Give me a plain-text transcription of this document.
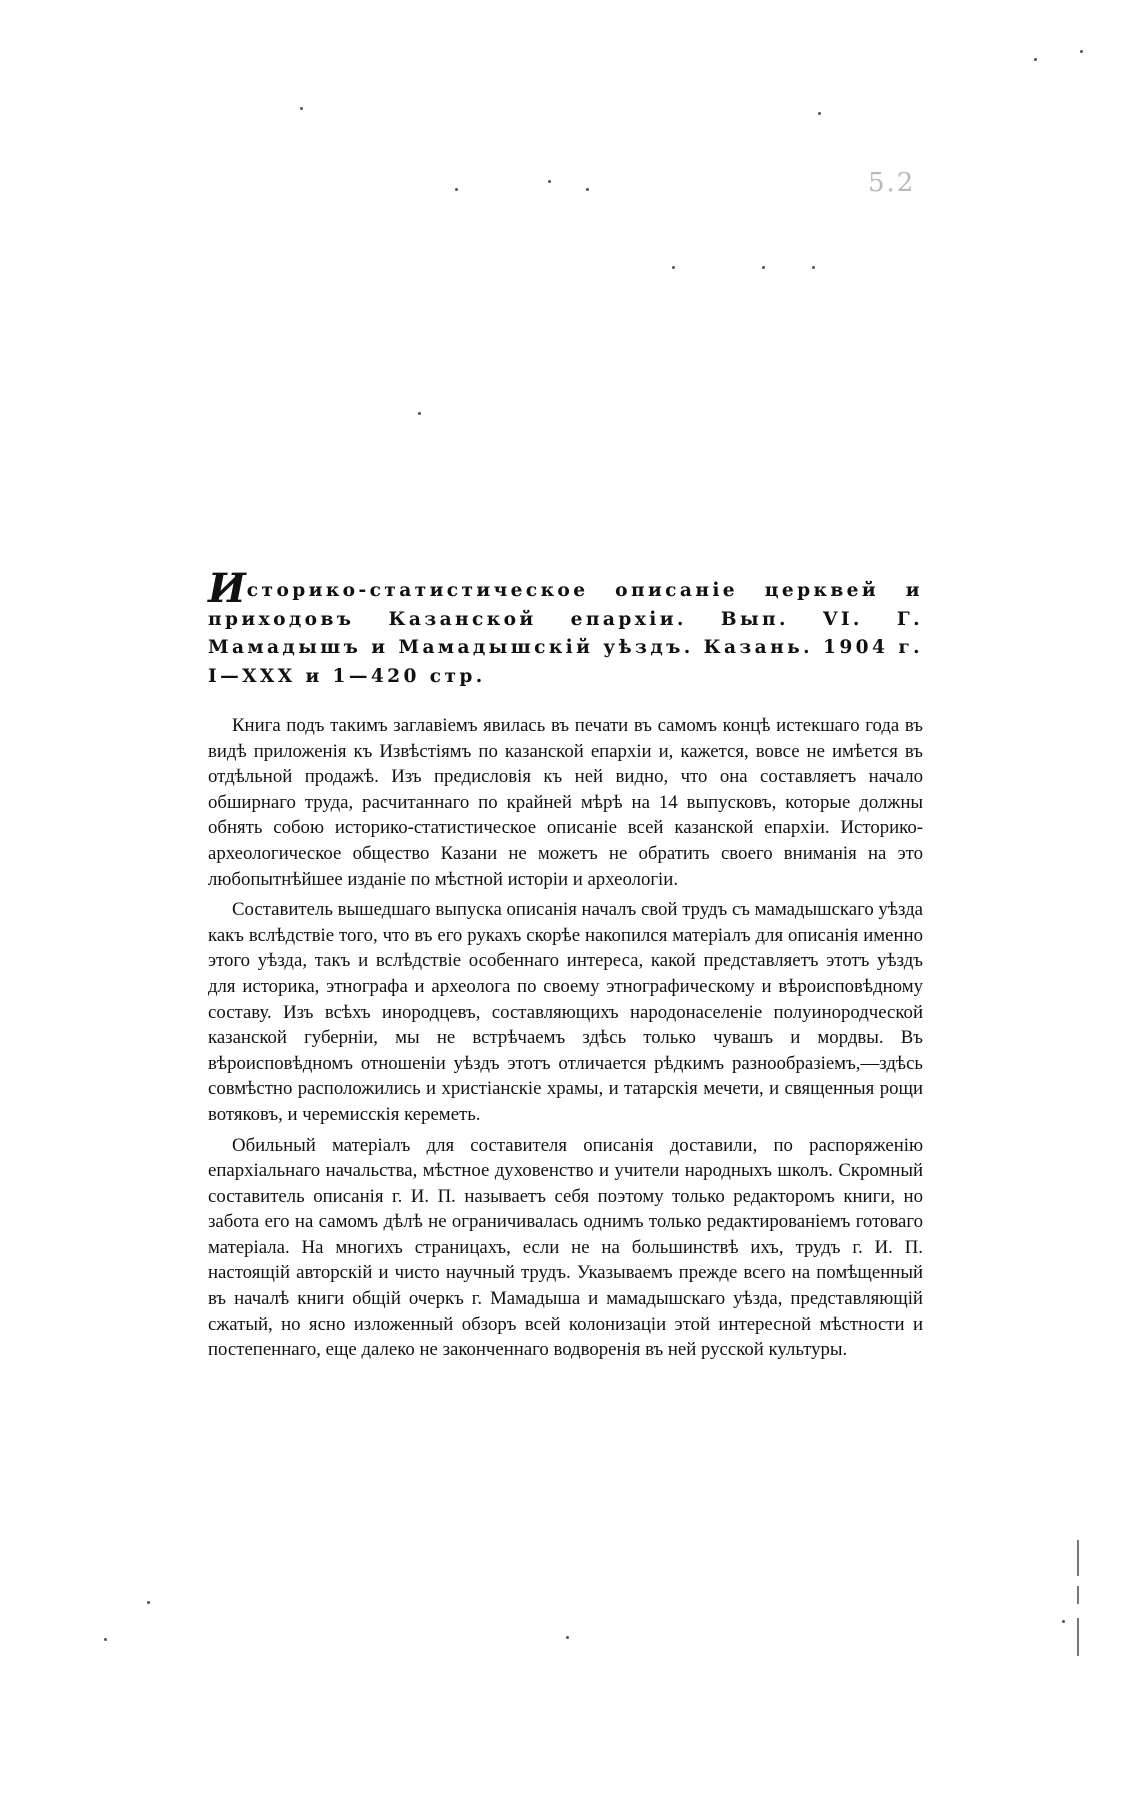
5.2

Историко-статистическое описаніе церквей и приходовъ Казанской епархіи. Вып. VI. Г. Мамадышъ и Мамадышскій уѣздъ. Казань. 1904 г. I—XXX и 1—420 стр.

Книга подъ такимъ заглавіемъ явилась въ печати въ самомъ концѣ истекшаго года въ видѣ приложенія къ Извѣстіямъ по казанской епархіи и, кажется, вовсе не имѣется въ отдѣльной продажѣ. Изъ предисловія къ ней видно, что она составляетъ начало обширнаго труда, расчитаннаго по крайней мѣрѣ на 14 выпусковъ, которые должны обнять собою историко-статистическое описаніе всей казанской епархіи. Историко-археологическое общество Казани не можетъ не обратить своего вниманія на это любопытнѣйшее изданіе по мѣстной исторіи и археологіи.

Составитель вышедшаго выпуска описанія началъ свой трудъ съ мамадышскаго уѣзда какъ вслѣдствіе того, что въ его рукахъ скорѣе накопился матеріалъ для описанія именно этого уѣзда, такъ и вслѣдствіе особеннаго интереса, какой представляетъ этотъ уѣздъ для историка, этнографа и археолога по своему этнографическому и вѣроисповѣдному составу. Изъ всѣхъ инородцевъ, составляющихъ народонаселеніе полуинородческой казанской губерніи, мы не встрѣчаемъ здѣсь только чувашъ и мордвы. Въ вѣроисповѣдномъ отношеніи уѣздъ этотъ отличается рѣдкимъ разнообразіемъ,—здѣсь совмѣстно расположились и христіанскіе храмы, и татарскія мечети, и священныя рощи вотяковъ, и черемисскія кереметь.

Обильный матеріалъ для составителя описанія доставили, по распоряженію епархіальнаго начальства, мѣстное духовенство и учители народныхъ школъ. Скромный составитель описанія г. И. П. называетъ себя поэтому только редакторомъ книги, но забота его на самомъ дѣлѣ не ограничивалась однимъ только редактированіемъ готоваго матеріала. На многихъ страницахъ, если не на большинствѣ ихъ, трудъ г. И. П. настоящій авторскій и чисто научный трудъ. Указываемъ прежде всего на помѣщенный въ началѣ книги общій очеркъ г. Мамадыша и мамадышскаго уѣзда, представляющій сжатый, но ясно изложенный обзоръ всей колонизаціи этой интересной мѣстности и постепеннаго, еще далеко не законченнаго водворенія въ ней русской культуры.
